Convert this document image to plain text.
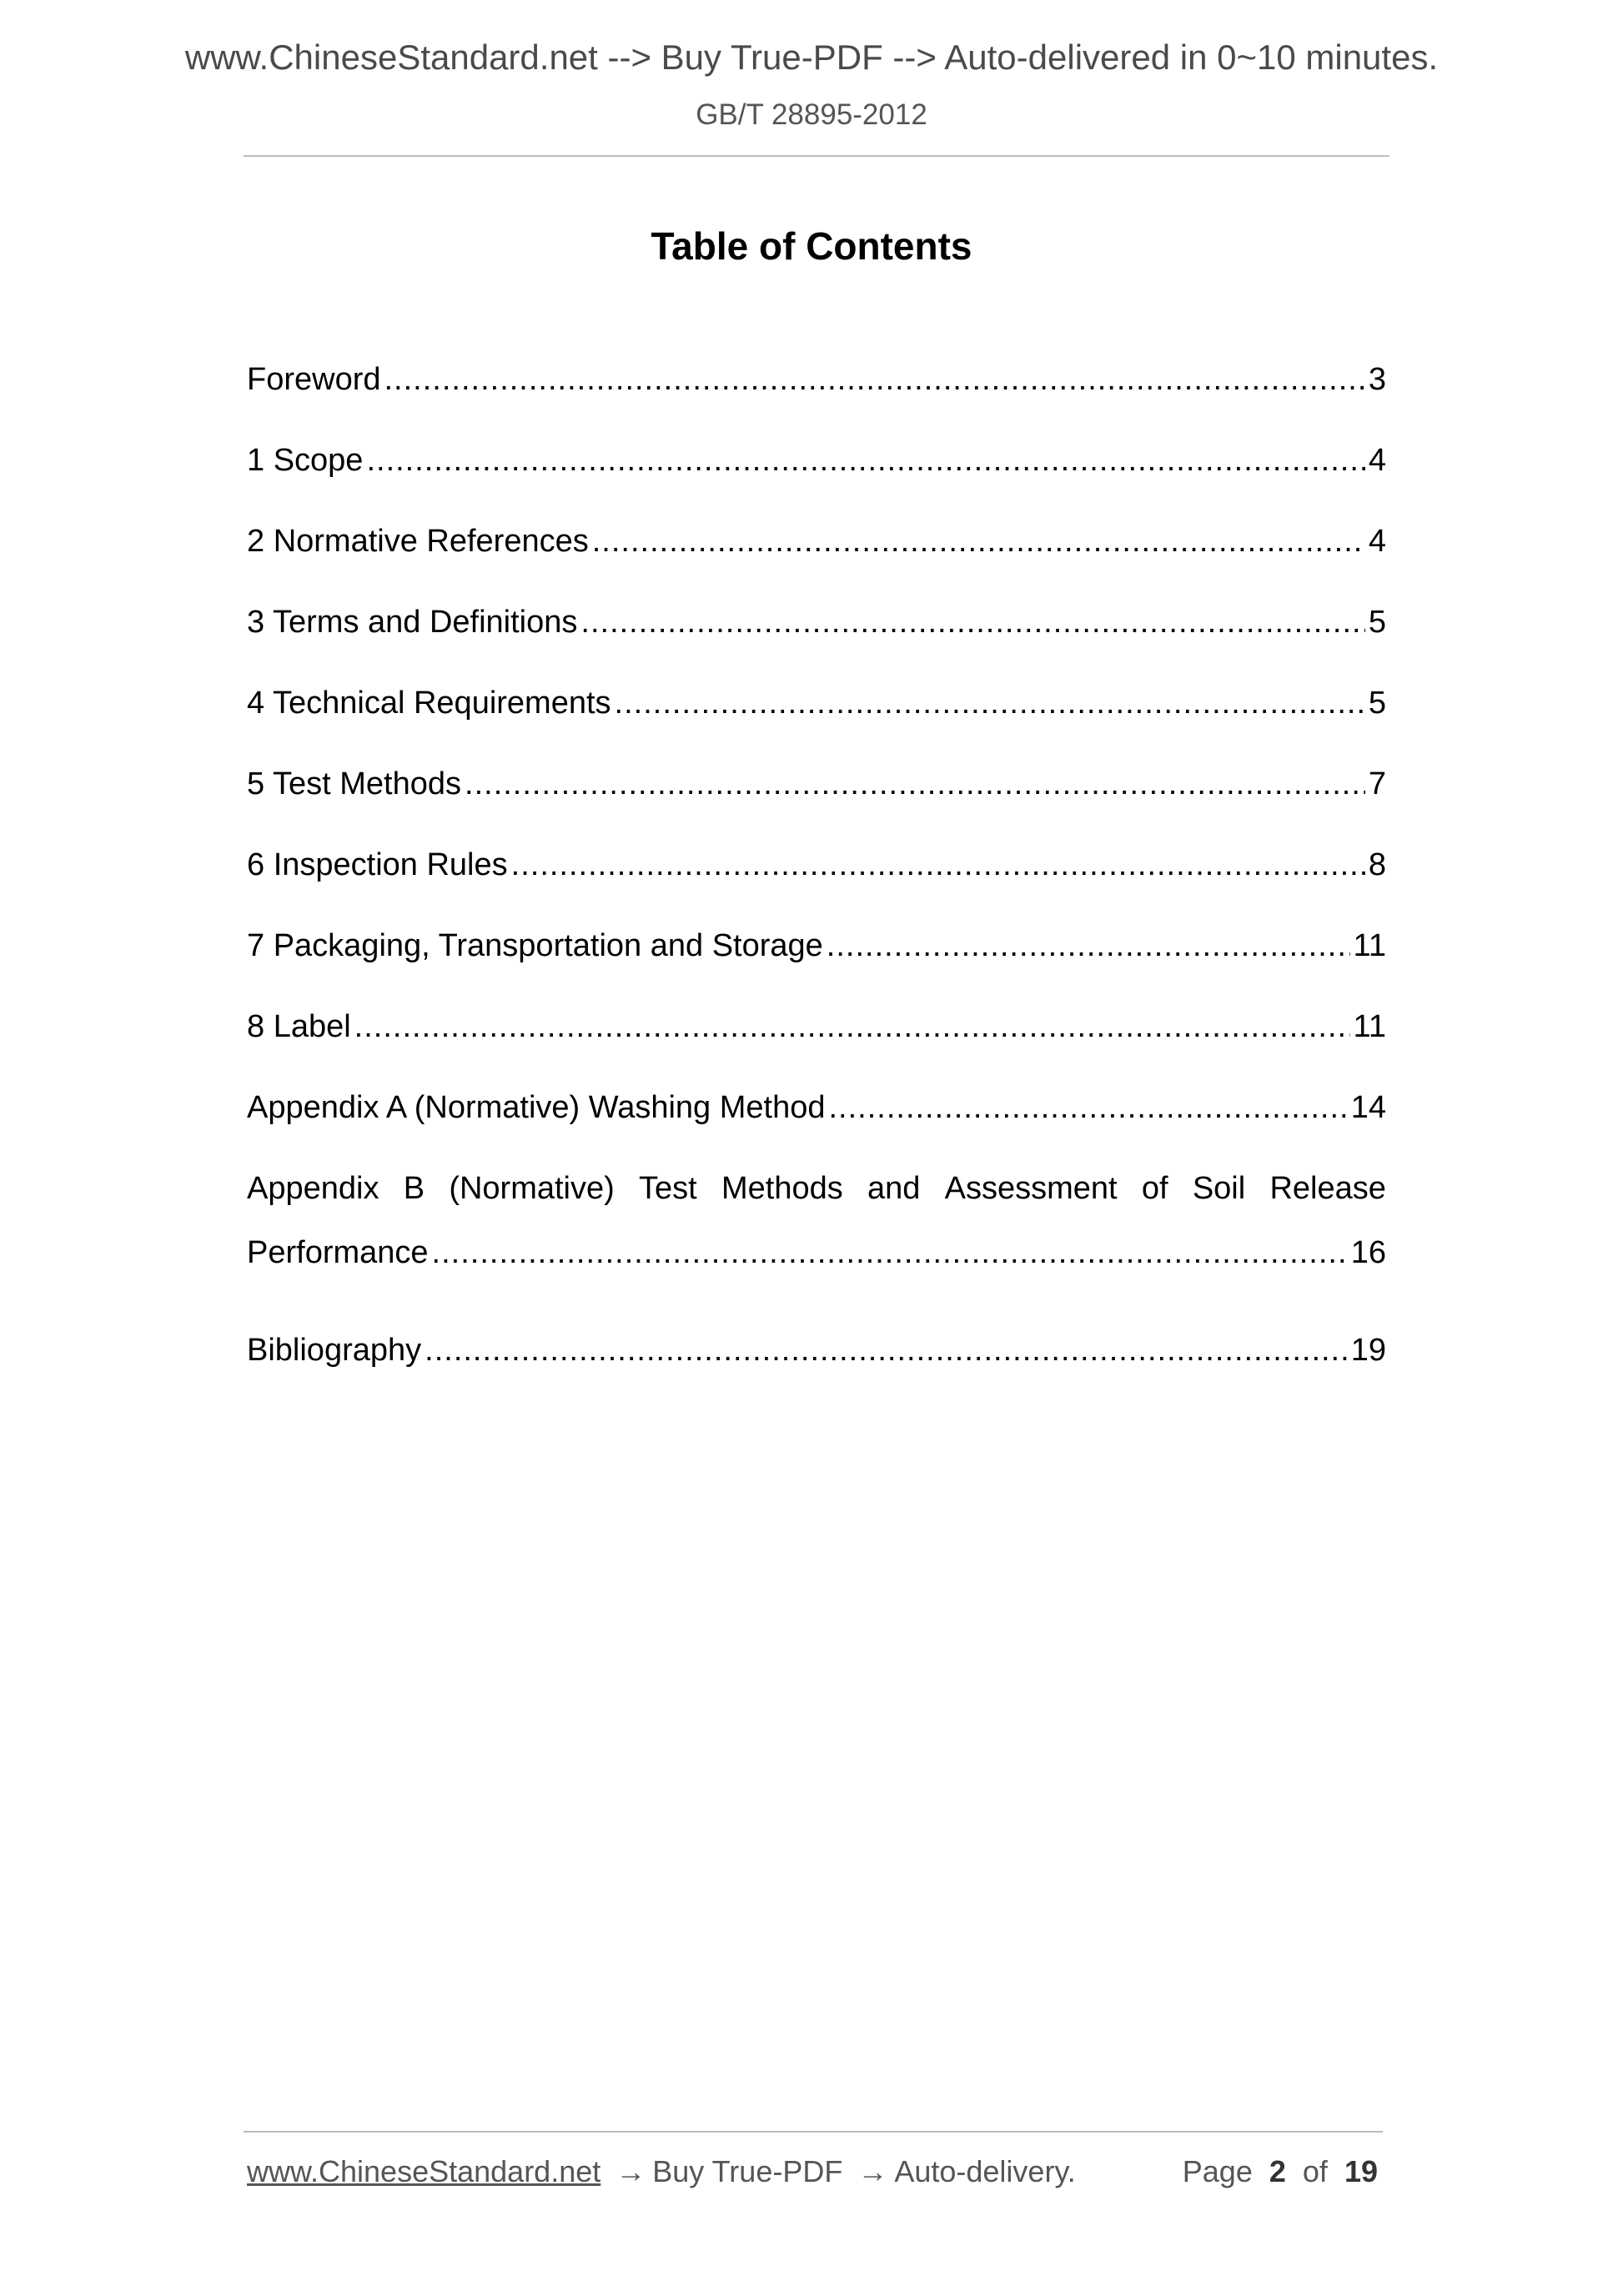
www.ChineseStandard.net --> Buy True-PDF --> Auto-delivered in 0~10 minutes.
GB/T 28895-2012
Table of Contents
Foreword .....	3
1 Scope .....	4
2 Normative References .....	4
3 Terms and Definitions .....	5
4 Technical Requirements .....	5
5 Test Methods .....	7
6 Inspection Rules .....	8
7 Packaging, Transportation and Storage .....	11
8 Label .....	11
Appendix A (Normative) Washing Method .....	14
Appendix B (Normative) Test Methods and Assessment of Soil Release
Performance .....	16
Bibliography .....	19
www.ChineseStandard.net → Buy True-PDF → Auto-delivery.	Page 2 of 19
